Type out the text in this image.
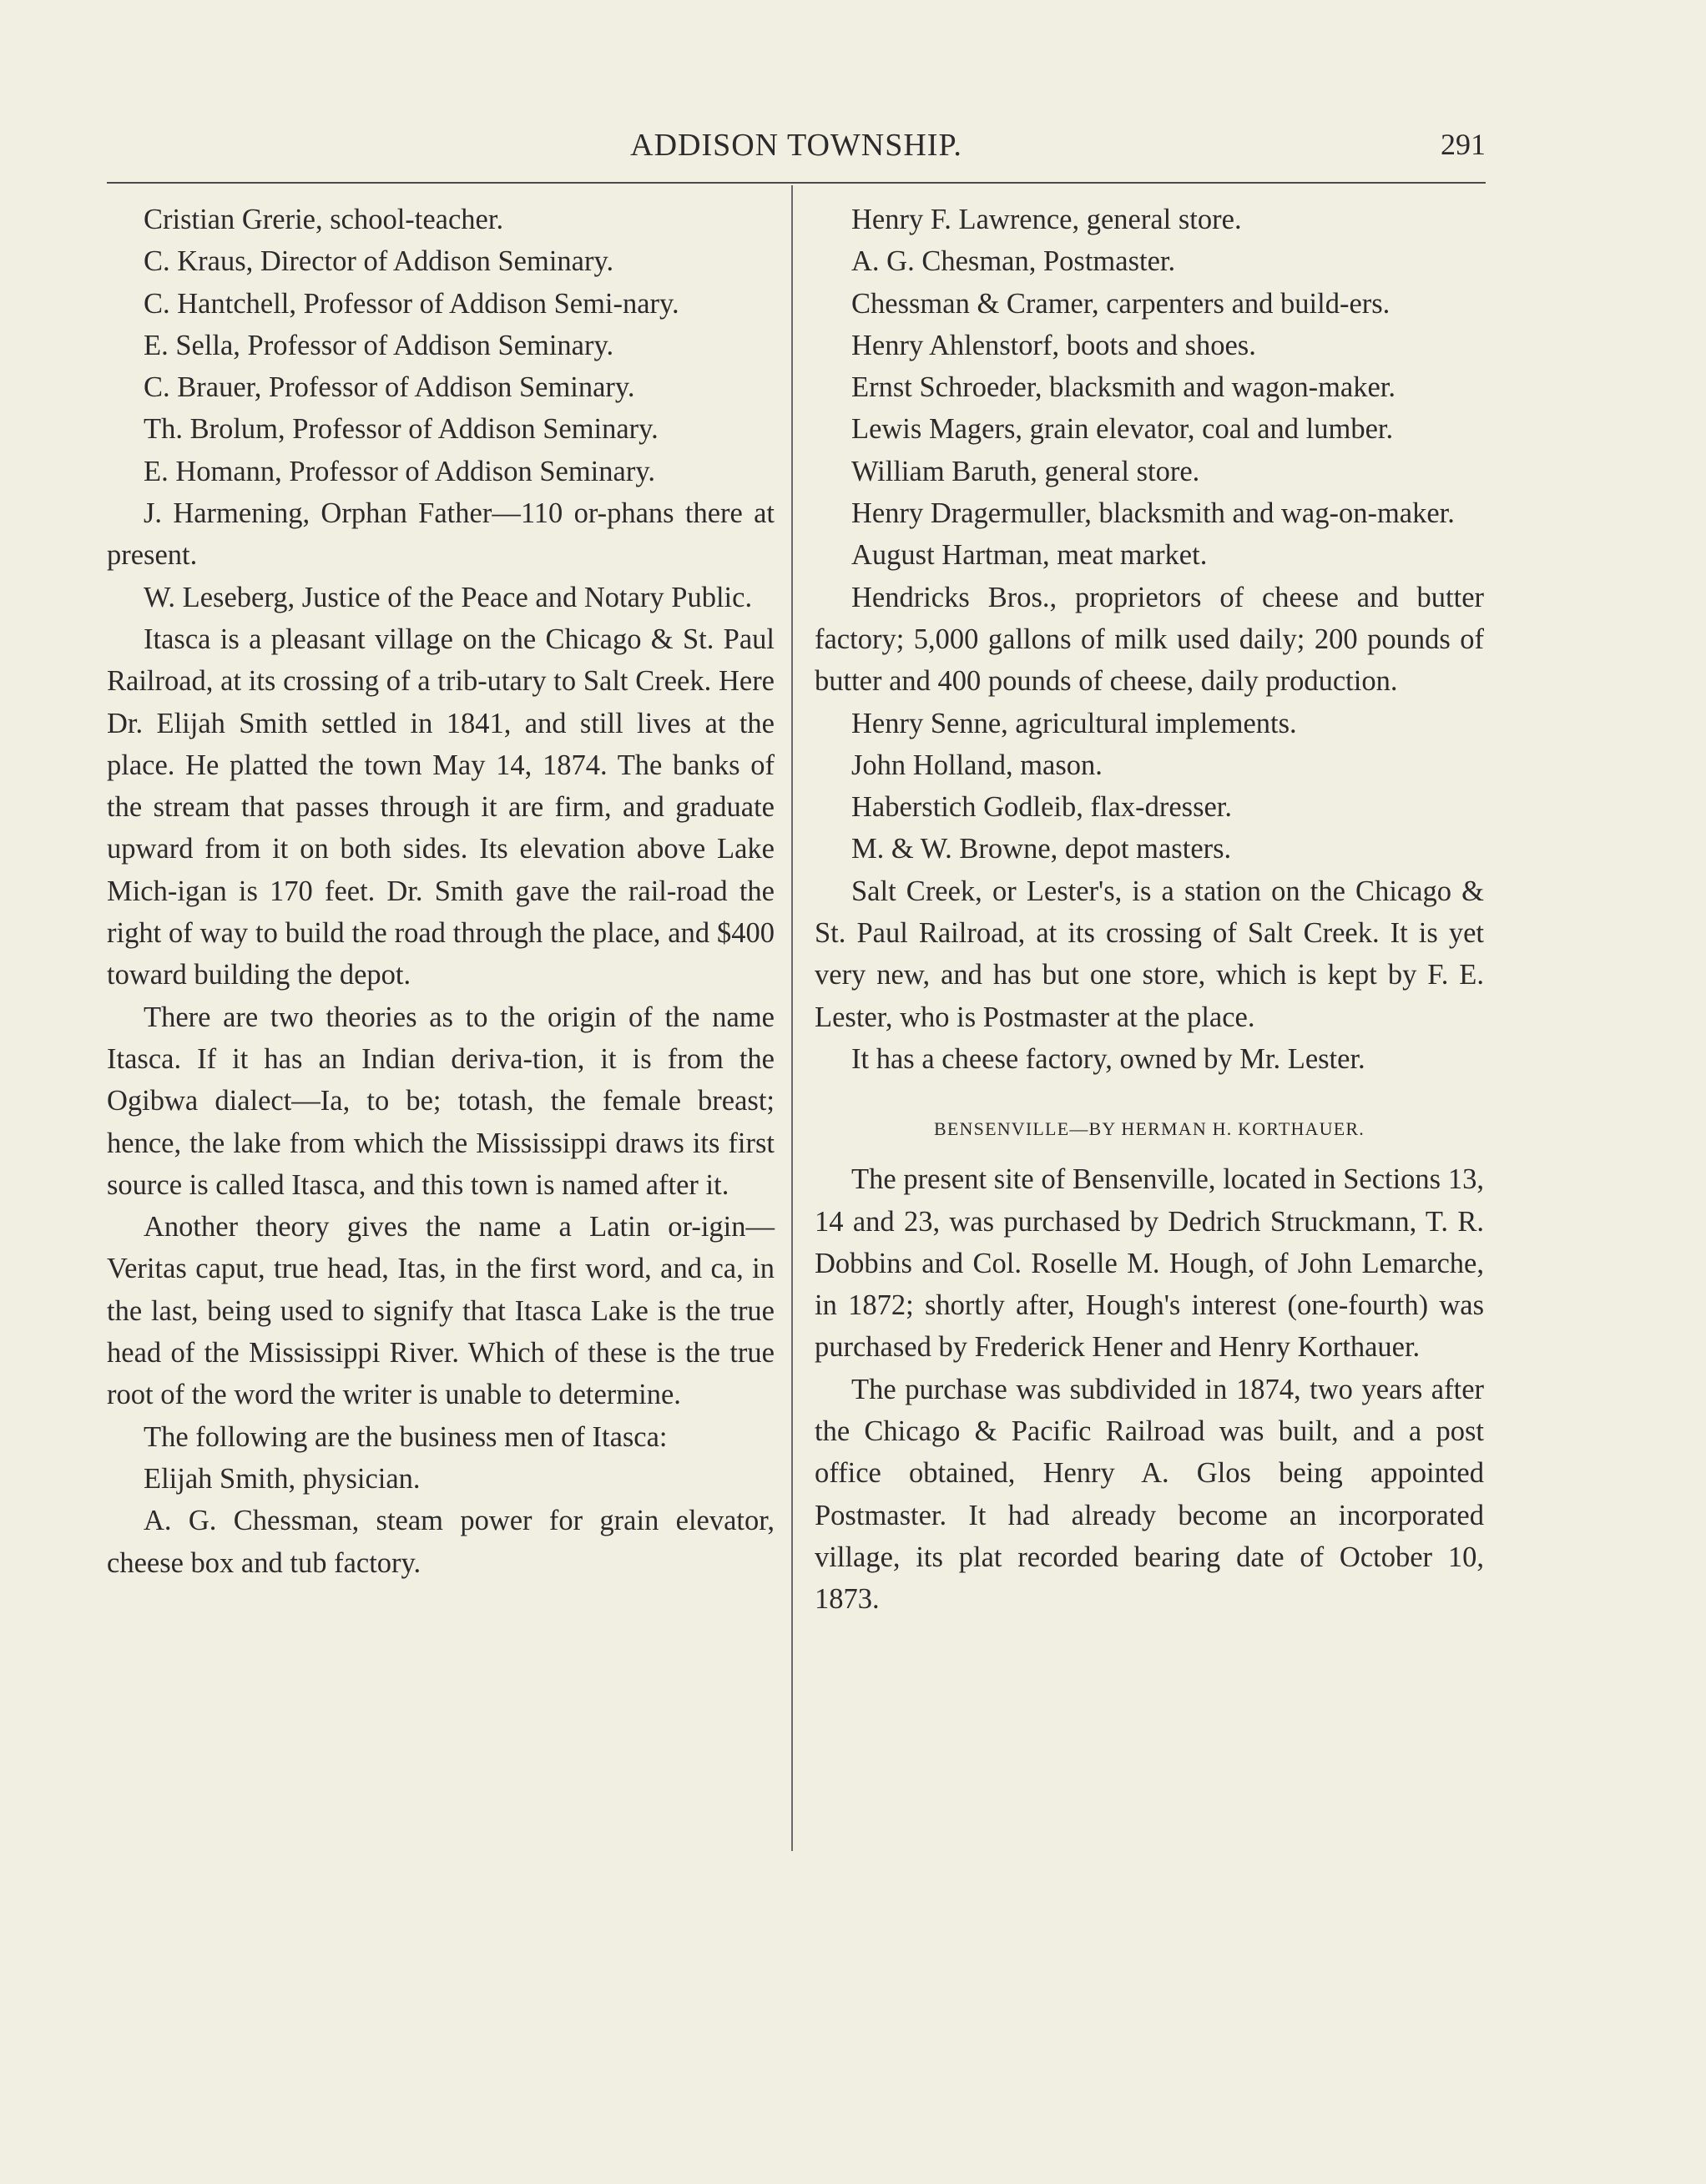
ADDISON TOWNSHIP.	291

Cristian Grerie, school-teacher.

C. Kraus, Director of Addison Seminary.

C. Hantchell, Professor of Addison Semi-nary.

E. Sella, Professor of Addison Seminary.

C. Brauer, Professor of Addison Seminary.

Th. Brolum, Professor of Addison Seminary.

E. Homann, Professor of Addison Seminary.

J. Harmening, Orphan Father—110 or-phans there at present.

W. Leseberg, Justice of the Peace and Notary Public.

Itasca is a pleasant village on the Chicago & St. Paul Railroad, at its crossing of a trib-utary to Salt Creek. Here Dr. Elijah Smith settled in 1841, and still lives at the place. He platted the town May 14, 1874. The banks of the stream that passes through it are firm, and graduate upward from it on both sides. Its elevation above Lake Mich-igan is 170 feet. Dr. Smith gave the rail-road the right of way to build the road through the place, and $400 toward building the depot.

There are two theories as to the origin of the name Itasca. If it has an Indian deriva-tion, it is from the Ogibwa dialect—Ia, to be; totash, the female breast; hence, the lake from which the Mississippi draws its first source is called Itasca, and this town is named after it.

Another theory gives the name a Latin or-igin—Veritas caput, true head, Itas, in the first word, and ca, in the last, being used to signify that Itasca Lake is the true head of the Mississippi River. Which of these is the true root of the word the writer is unable to determine.

The following are the business men of Itasca:

Elijah Smith, physician.

A. G. Chessman, steam power for grain elevator, cheese box and tub factory.

Henry F. Lawrence, general store.

A. G. Chesman, Postmaster.

Chessman & Cramer, carpenters and build-ers.

Henry Ahlenstorf, boots and shoes.

Ernst Schroeder, blacksmith and wagon-maker.

Lewis Magers, grain elevator, coal and lumber.

William Baruth, general store.

Henry Dragermuller, blacksmith and wag-on-maker.

August Hartman, meat market.

Hendricks Bros., proprietors of cheese and butter factory; 5,000 gallons of milk used daily; 200 pounds of butter and 400 pounds of cheese, daily production.

Henry Senne, agricultural implements.

John Holland, mason.

Haberstich Godleib, flax-dresser.

M. & W. Browne, depot masters.

Salt Creek, or Lester's, is a station on the Chicago & St. Paul Railroad, at its crossing of Salt Creek. It is yet very new, and has but one store, which is kept by F. E. Lester, who is Postmaster at the place.

It has a cheese factory, owned by Mr. Lester.

BENSENVILLE—BY HERMAN H. KORTHAUER.

The present site of Bensenville, located in Sections 13, 14 and 23, was purchased by Dedrich Struckmann, T. R. Dobbins and Col. Roselle M. Hough, of John Lemarche, in 1872; shortly after, Hough's interest (one-fourth) was purchased by Frederick Hener and Henry Korthauer.

The purchase was subdivided in 1874, two years after the Chicago & Pacific Railroad was built, and a post office obtained, Henry A. Glos being appointed Postmaster. It had already become an incorporated village, its plat recorded bearing date of October 10, 1873.
